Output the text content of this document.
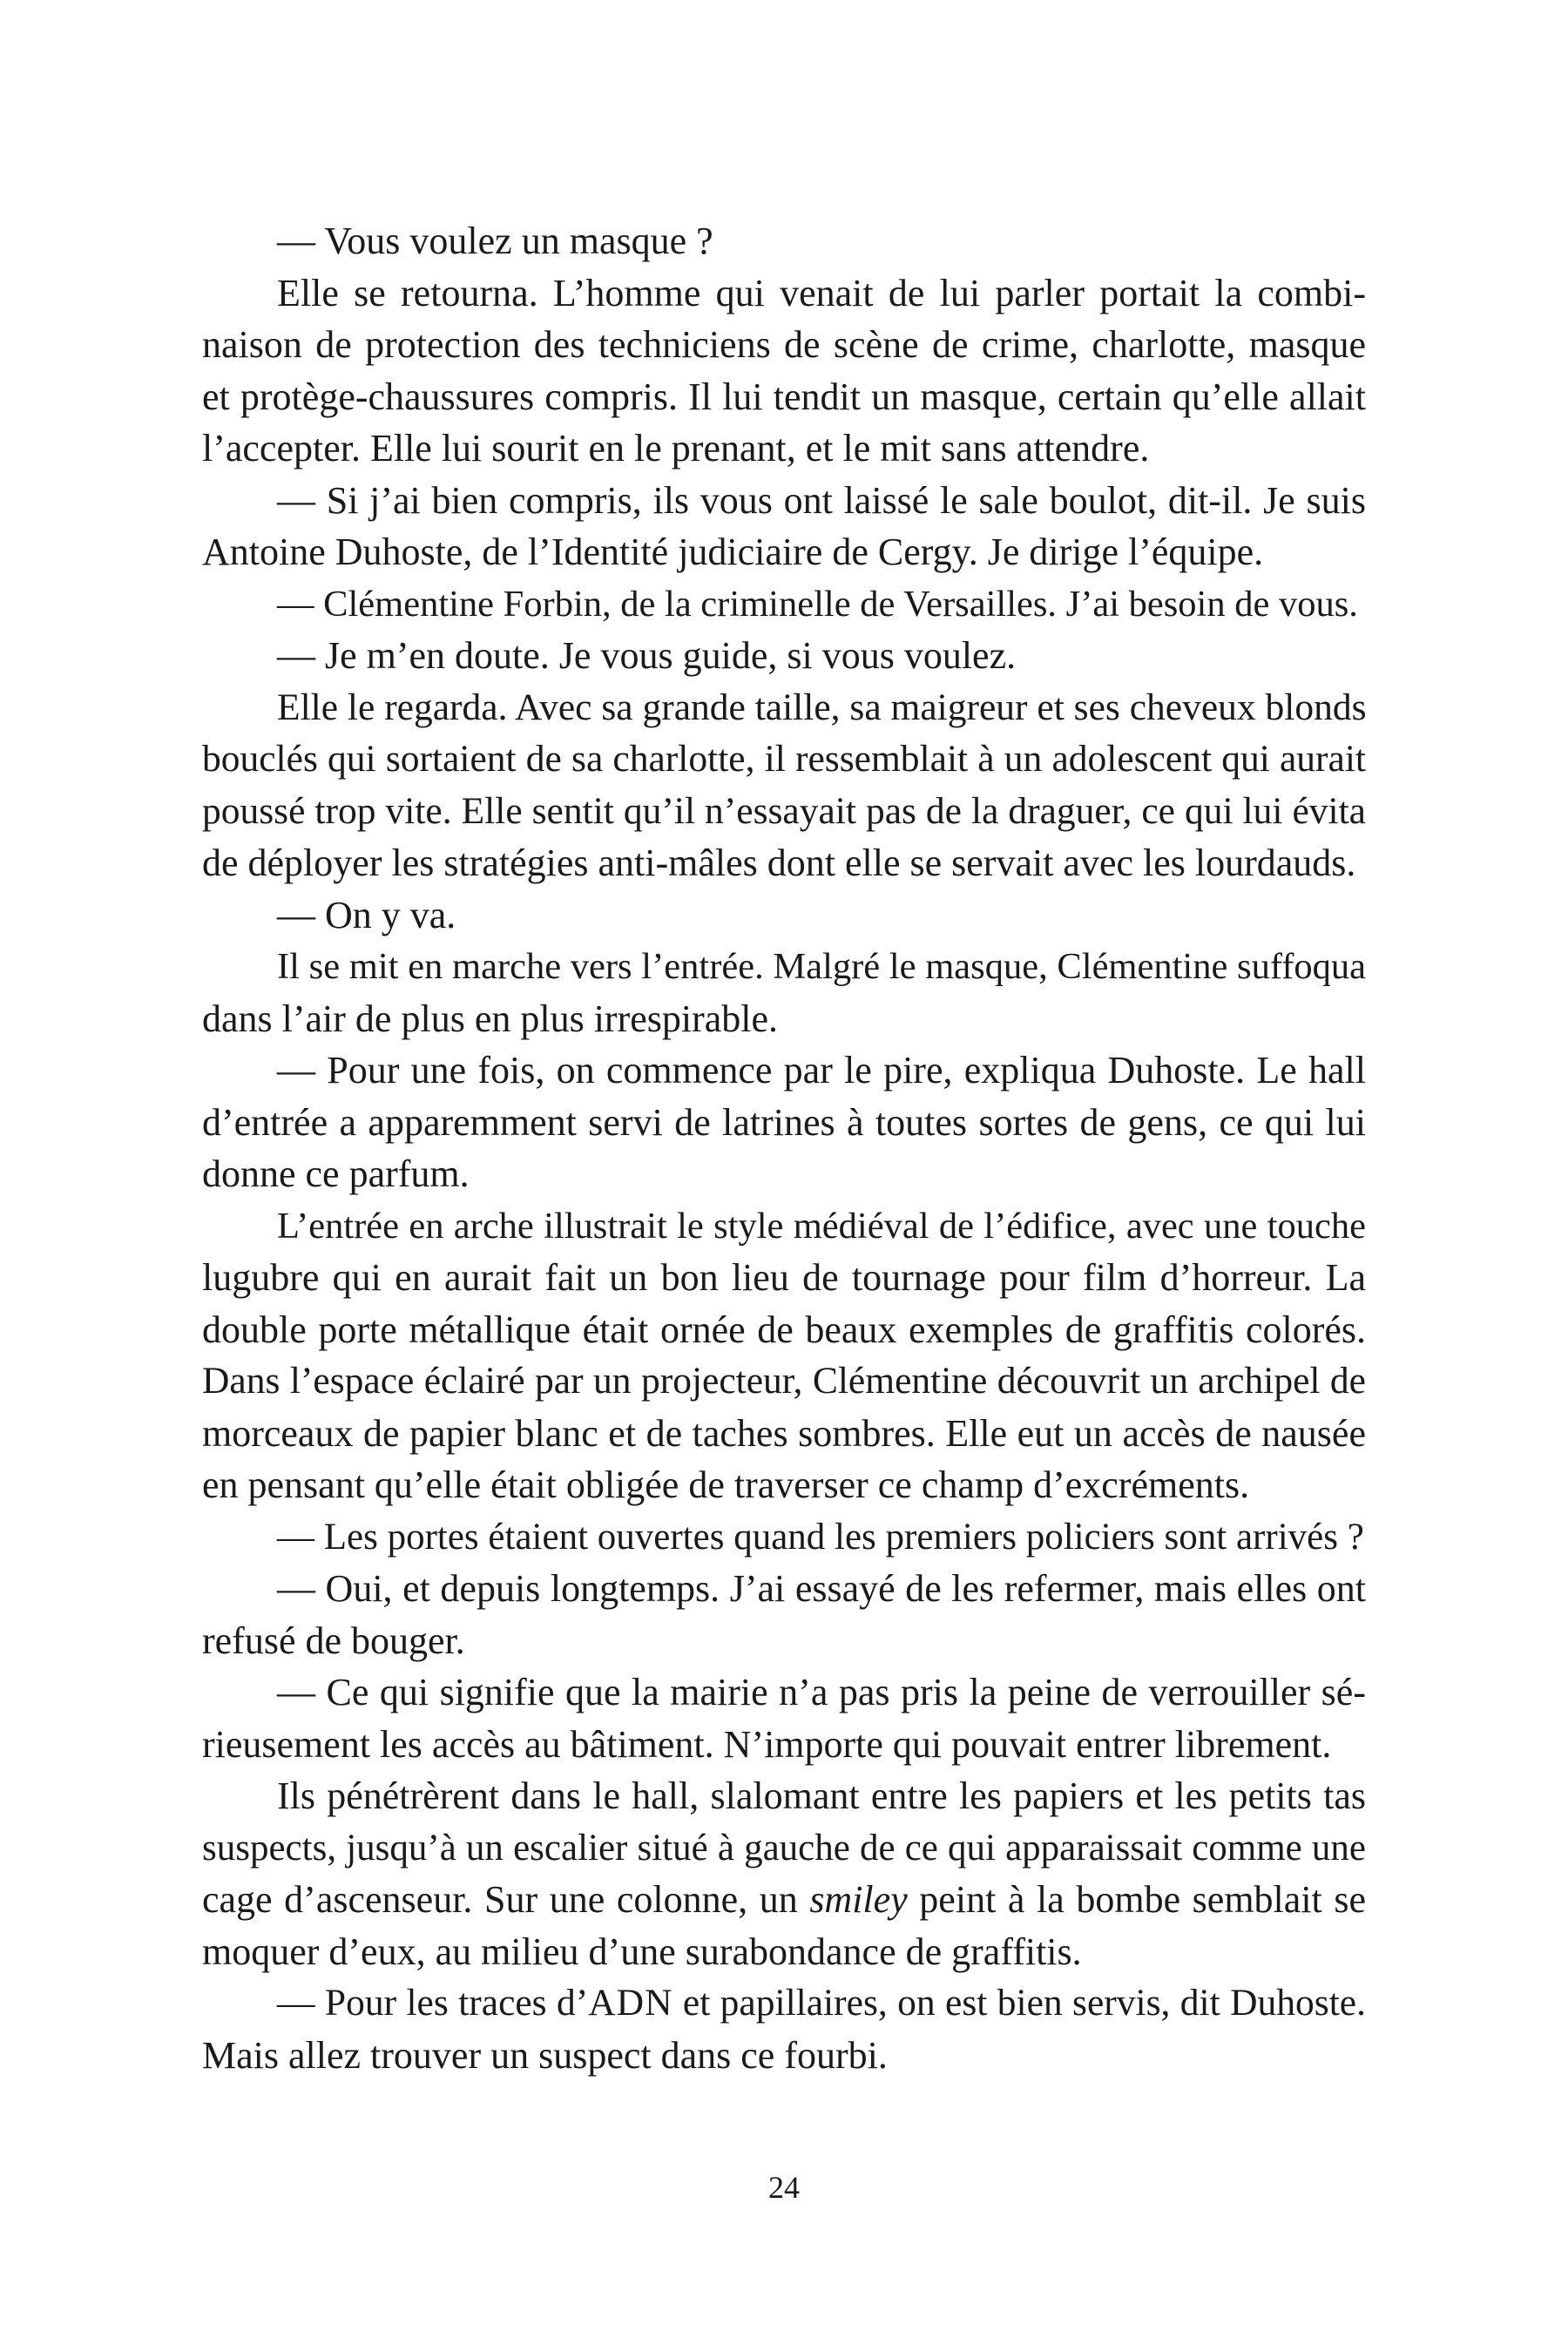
— Vous voulez un masque ?
Elle se retourna. L’homme qui venait de lui parler portait la combi-
naison de protection des techniciens de scène de crime, charlotte, masque
et protège-chaussures compris. Il lui tendit un masque, certain qu’elle allait
l’accepter. Elle lui sourit en le prenant, et le mit sans attendre.
— Si j’ai bien compris, ils vous ont laissé le sale boulot, dit-il. Je suis
Antoine Duhoste, de l’Identité judiciaire de Cergy. Je dirige l’équipe.
— Clémentine Forbin, de la criminelle de Versailles. J’ai besoin de vous.
— Je m’en doute. Je vous guide, si vous voulez.
Elle le regarda. Avec sa grande taille, sa maigreur et ses cheveux blonds
bouclés qui sortaient de sa charlotte, il ressemblait à un adolescent qui aurait
poussé trop vite. Elle sentit qu’il n’essayait pas de la draguer, ce qui lui évita
de déployer les stratégies anti-mâles dont elle se servait avec les lourdauds.
— On y va.
Il se mit en marche vers l’entrée. Malgré le masque, Clémentine suffoqua
dans l’air de plus en plus irrespirable.
— Pour une fois, on commence par le pire, expliqua Duhoste. Le hall
d’entrée a apparemment servi de latrines à toutes sortes de gens, ce qui lui
donne ce parfum.
L’entrée en arche illustrait le style médiéval de l’édifice, avec une touche
lugubre qui en aurait fait un bon lieu de tournage pour film d’horreur. La
double porte métallique était ornée de beaux exemples de graffitis colorés.
Dans l’espace éclairé par un projecteur, Clémentine découvrit un archipel de
morceaux de papier blanc et de taches sombres. Elle eut un accès de nausée
en pensant qu’elle était obligée de traverser ce champ d’excréments.
— Les portes étaient ouvertes quand les premiers policiers sont arrivés ?
— Oui, et depuis longtemps. J’ai essayé de les refermer, mais elles ont
refusé de bouger.
— Ce qui signifie que la mairie n’a pas pris la peine de verrouiller sé-
rieusement les accès au bâtiment. N’importe qui pouvait entrer librement.
Ils pénétrèrent dans le hall, slalomant entre les papiers et les petits tas
suspects, jusqu’à un escalier situé à gauche de ce qui apparaissait comme une
cage d’ascenseur. Sur une colonne, un smiley peint à la bombe semblait se
moquer d’eux, au milieu d’une surabondance de graffitis.
— Pour les traces d’ADN et papillaires, on est bien servis, dit Duhoste.
Mais allez trouver un suspect dans ce fourbi.
24
